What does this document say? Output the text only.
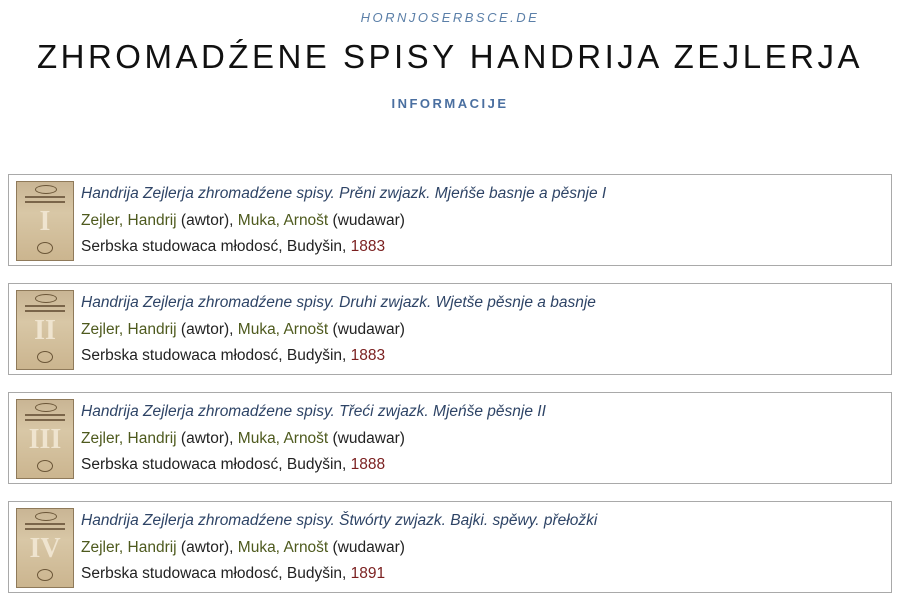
HORNJOSERBSCE.DE
ZHROMADŹENE SPISY HANDRIJA ZEJLERJA
INFORMACIJE
I
Handrija Zejlerja zhromadźene spisy. Prěni zwjazk. Mjeńše basnje a pěsnje I
Zejler, Handrij (awtor), Muka, Arnošt (wudawar)
Serbska studowaca młodosć, Budyšin, 1883
II
Handrija Zejlerja zhromadźene spisy. Druhi zwjazk. Wjetše pěsnje a basnje
Zejler, Handrij (awtor), Muka, Arnošt (wudawar)
Serbska studowaca młodosć, Budyšin, 1883
III
Handrija Zejlerja zhromadźene spisy. Třeći zwjazk. Mjeńše pěsnje II
Zejler, Handrij (awtor), Muka, Arnošt (wudawar)
Serbska studowaca młodosć, Budyšin, 1888
IV
Handrija Zejlerja zhromadźene spisy. Štwórty zwjazk. Bajki. spěwy. přełožki
Zejler, Handrij (awtor), Muka, Arnošt (wudawar)
Serbska studowaca młodosć, Budyšin, 1891
